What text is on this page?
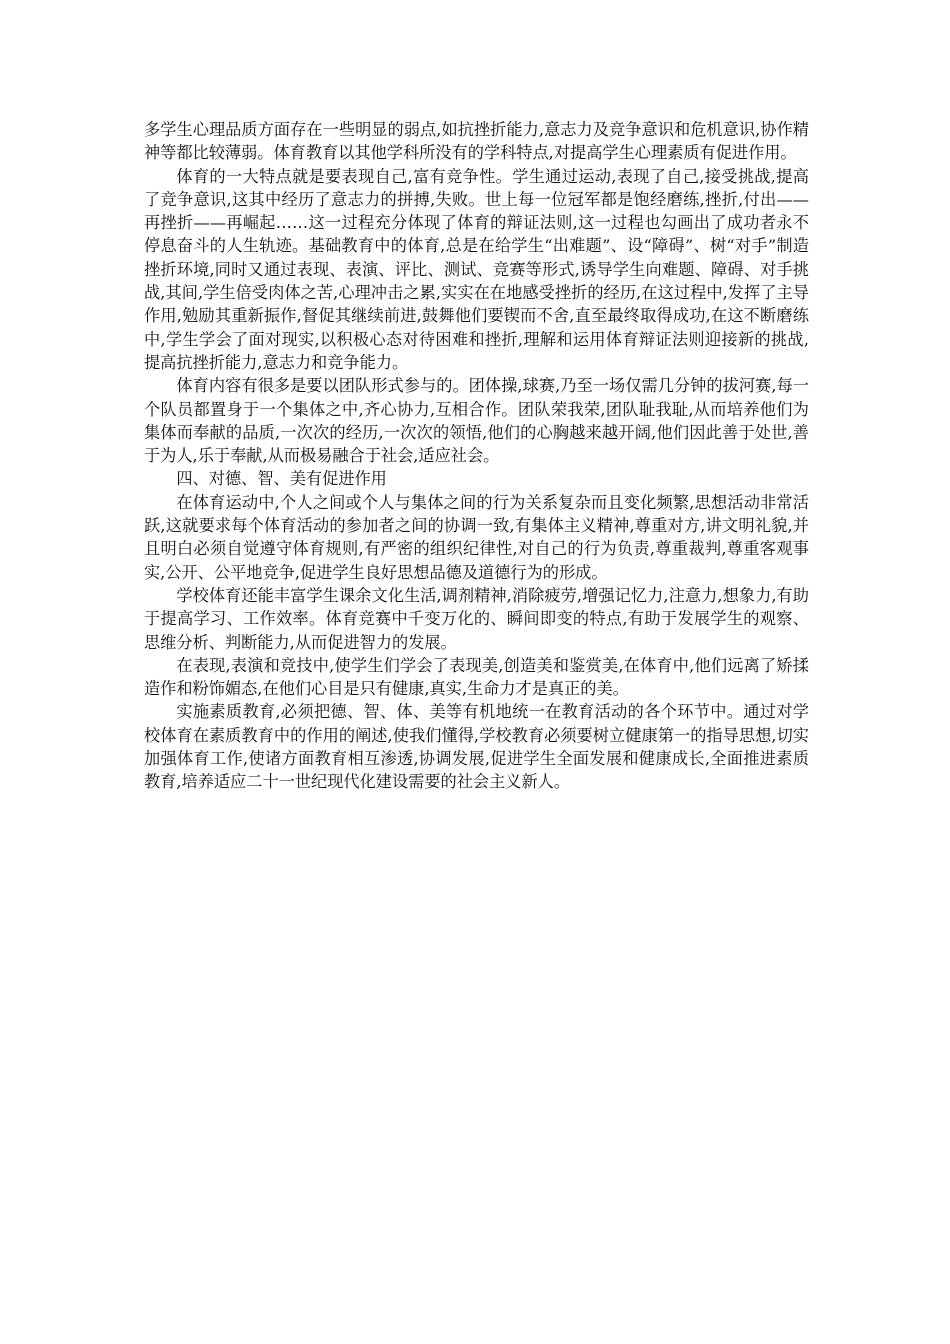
多学生心理品质方面存在一些明显的弱点,如抗挫折能力,意志力及竞争意识和危机意识,协作精神等都比较薄弱。体育教育以其他学科所没有的学科特点,对提高学生心理素质有促进作用。

体育的一大特点就是要表现自己,富有竞争性。学生通过运动,表现了自己,接受挑战,提高了竞争意识,这其中经历了意志力的拼搏,失败。世上每一位冠军都是饱经磨练,挫折,付出——再挫折——再崛起……这一过程充分体现了体育的辩证法则,这一过程也勾画出了成功者永不停息奋斗的人生轨迹。基础教育中的体育,总是在给学生“出难题”、设“障碍”、树“对手”制造挫折环境,同时又通过表现、表演、评比、测试、竞赛等形式,诱导学生向难题、障碍、对手挑战,其间,学生倍受肉体之苦,心理冲击之累,实实在在地感受挫折的经历,在这过程中,发挥了主导作用,勉励其重新振作,督促其继续前进,鼓舞他们要锲而不舍,直至最终取得成功,在这不断磨练中,学生学会了面对现实,以积极心态对待困难和挫折,理解和运用体育辩证法则迎接新的挑战,提高抗挫折能力,意志力和竞争能力。

体育内容有很多是要以团队形式参与的。团体操,球赛,乃至一场仅需几分钟的拔河赛,每一个队员都置身于一个集体之中,齐心协力,互相合作。团队荣我荣,团队耻我耻,从而培养他们为集体而奉献的品质,一次次的经历,一次次的领悟,他们的心胸越来越开阔,他们因此善于处世,善于为人,乐于奉献,从而极易融合于社会,适应社会。

四、对德、智、美有促进作用

在体育运动中,个人之间或个人与集体之间的行为关系复杂而且变化频繁,思想活动非常活跃,这就要求每个体育活动的参加者之间的协调一致,有集体主义精神,尊重对方,讲文明礼貌,并且明白必须自觉遵守体育规则,有严密的组织纪律性,对自己的行为负责,尊重裁判,尊重客观事实,公开、公平地竞争,促进学生良好思想品德及道德行为的形成。

学校体育还能丰富学生课余文化生活,调剂精神,消除疲劳,增强记忆力,注意力,想象力,有助于提高学习、工作效率。体育竞赛中千变万化的、瞬间即变的特点,有助于发展学生的观察、思维分析、判断能力,从而促进智力的发展。

在表现,表演和竞技中,使学生们学会了表现美,创造美和鉴赏美,在体育中,他们远离了矫揉造作和粉饰媚态,在他们心目是只有健康,真实,生命力才是真正的美。

实施素质教育,必须把德、智、体、美等有机地统一在教育活动的各个环节中。通过对学校体育在素质教育中的作用的阐述,使我们懂得,学校教育必须要树立健康第一的指导思想,切实加强体育工作,使诸方面教育相互渗透,协调发展,促进学生全面发展和健康成长,全面推进素质教育,培养适应二十一世纪现代化建设需要的社会主义新人。
